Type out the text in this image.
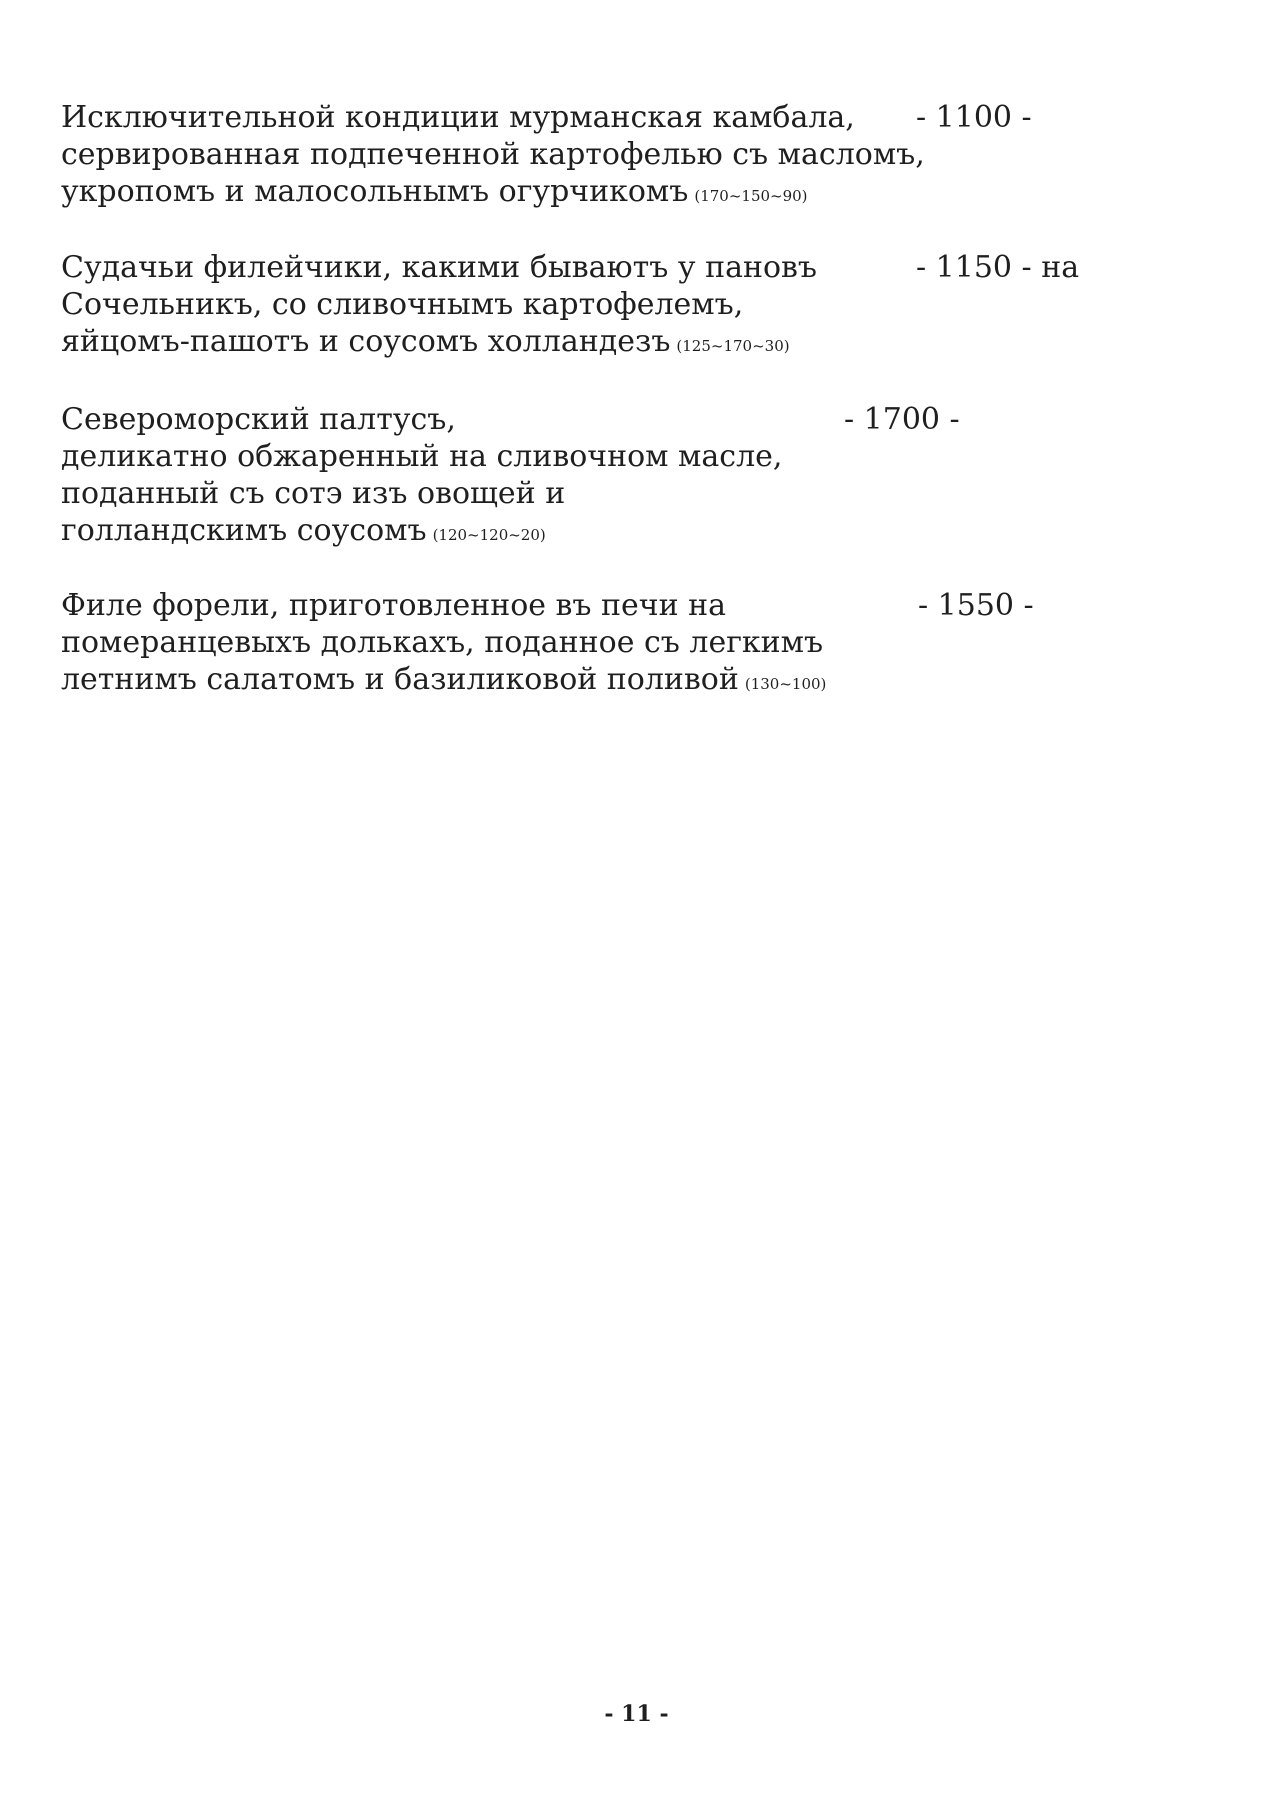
Исключительной кондиции мурманская камбала,
сервированная подпеченной картофелью съ масломъ,
укропомъ и малосольнымъ огурчикомъ (170~150~90)
- 1100 -
Судачьи филейчики, какими бываютъ у пановъ
Сочельникъ, со сливочнымъ картофелемъ,
яйцомъ-пашотъ и соусомъ холландезъ (125~170~30)
- 1150 - на
Североморский палтусъ,
деликатно обжаренный на сливочном масле,
поданный съ сотэ изъ овощей и
голландскимъ соусомъ (120~120~20)
- 1700 -
Филе форели, приготовленное въ печи на
померанцевыхъ долькахъ, поданное съ легкимъ
летнимъ салатомъ и базиликовой поливой (130~100)
- 1550 -
- 11 -
